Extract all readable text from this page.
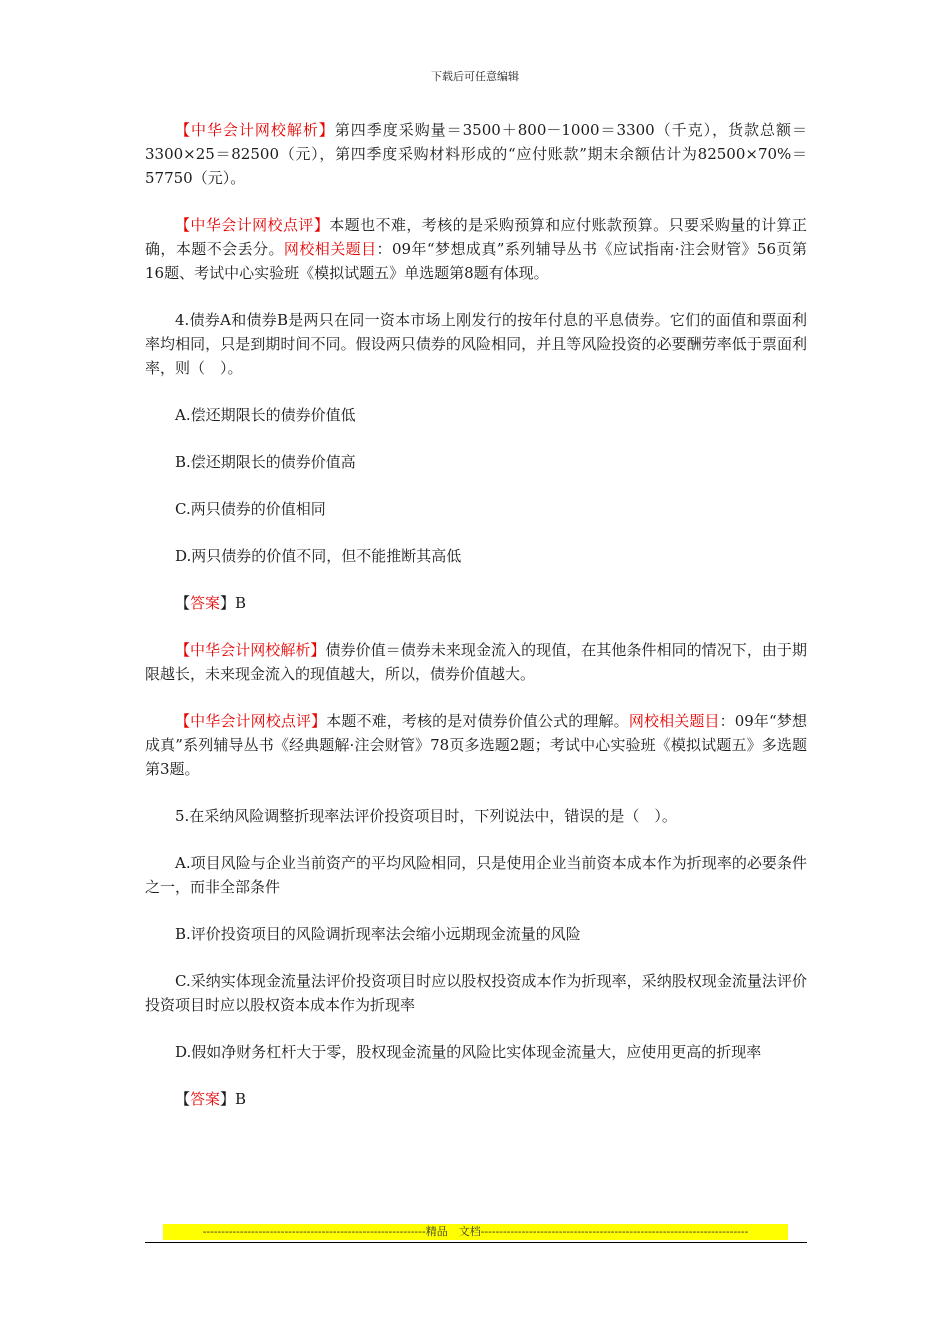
下载后可任意编辑

【中华会计网校解析】第四季度采购量＝3500＋800－1000＝3300（千克），货款总额＝3300×25＝82500（元），第四季度采购材料形成的“应付账款”期末余额估计为82500×70%＝57750（元）。

【中华会计网校点评】本题也不难，考核的是采购预算和应付账款预算。只要采购量的计算正确，本题不会丢分。网校相关题目：09年“梦想成真”系列辅导丛书《应试指南·注会财管》56页第16题、考试中心实验班《模拟试题五》单选题第8题有体现。

4.债券A和债券B是两只在同一资本市场上刚发行的按年付息的平息债券。它们的面值和票面利率均相同，只是到期时间不同。假设两只债券的风险相同，并且等风险投资的必要酬劳率低于票面利率，则（　）。

A.偿还期限长的债券价值低

B.偿还期限长的债券价值高

C.两只债券的价值相同

D.两只债券的价值不同，但不能推断其高低

【答案】B

【中华会计网校解析】债券价值＝债券未来现金流入的现值，在其他条件相同的情况下，由于期限越长，未来现金流入的现值越大，所以，债券价值越大。

【中华会计网校点评】本题不难，考核的是对债券价值公式的理解。网校相关题目：09年“梦想成真”系列辅导丛书《经典题解·注会财管》78页多选题2题；考试中心实验班《模拟试题五》多选题第3题。

5.在采纳风险调整折现率法评价投资项目时，下列说法中，错误的是（　）。

A.项目风险与企业当前资产的平均风险相同，只是使用企业当前资本成本作为折现率的必要条件之一，而非全部条件

B.评价投资项目的风险调折现率法会缩小远期现金流量的风险

C.采纳实体现金流量法评价投资项目时应以股权投资成本作为折现率，采纳股权现金流量法评价投资项目时应以股权资本成本作为折现率

D.假如净财务杠杆大于零，股权现金流量的风险比实体现金流量大，应使用更高的折现率

【答案】B

------------------------------------------------------------精品　文档------------------------------------------------------------------------
